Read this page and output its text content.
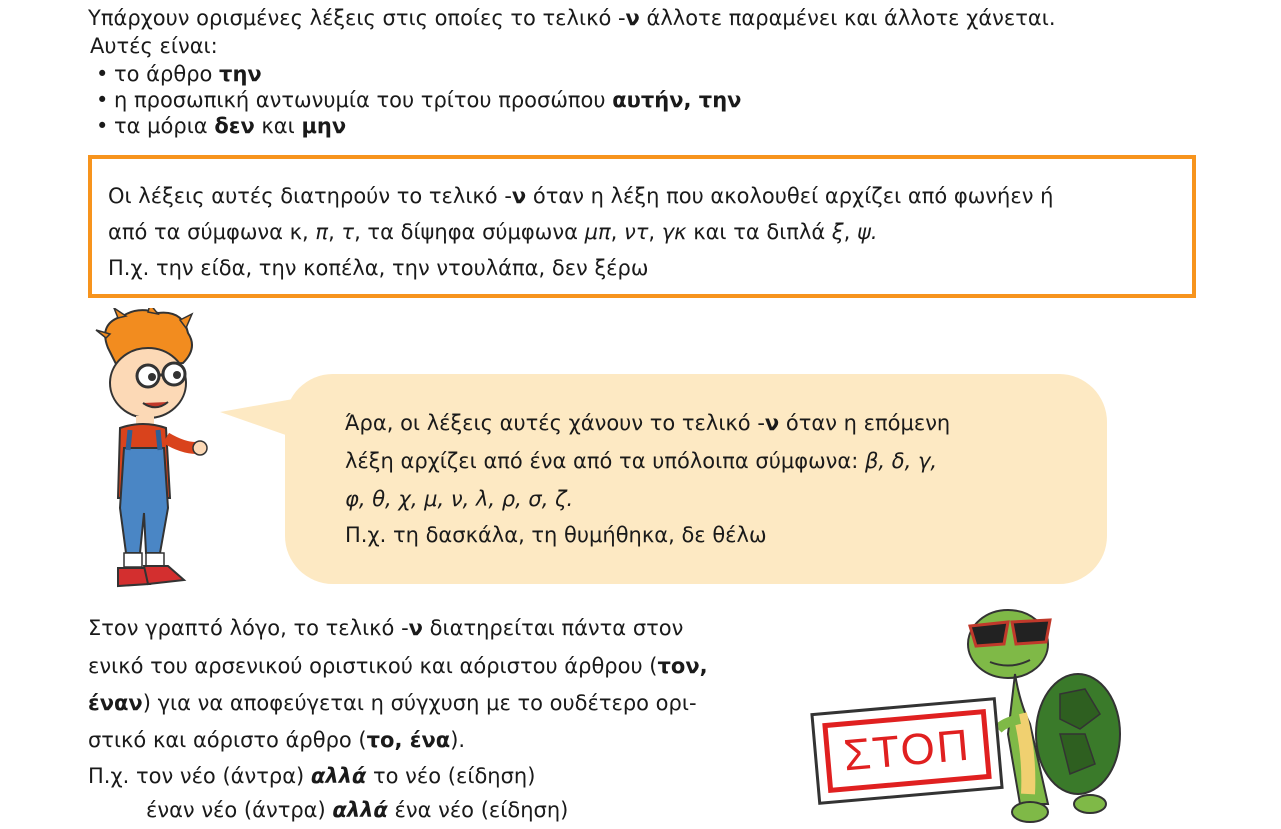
Υπάρχουν ορισμένες λέξεις στις οποίες το τελικό -ν άλλοτε παραμένει και άλλοτε χάνεται.
Αυτές είναι:
• το άρθρο την
• η προσωπική αντωνυμία του τρίτου προσώπου αυτήν, την
• τα μόρια δεν και μην
Οι λέξεις αυτές διατηρούν το τελικό -ν όταν η λέξη που ακολουθεί αρχίζει από φωνήεν ή
από τα σύμφωνα κ, π, τ, τα δίψηφα σύμφωνα μπ, ντ, γκ και τα διπλά ξ, ψ.
Π.χ. την είδα, την κοπέλα, την ντουλάπα, δεν ξέρω
Άρα, οι λέξεις αυτές χάνουν το τελικό -ν όταν η επόμενη
λέξη αρχίζει από ένα από τα υπόλοιπα σύμφωνα: β, δ, γ,
φ, θ, χ, μ, ν, λ, ρ, σ, ζ.
Π.χ. τη δασκάλα, τη θυμήθηκα, δε θέλω
Στον γραπτό λόγο, το τελικό -ν διατηρείται πάντα στον
ενικό του αρσενικού οριστικού και αόριστου άρθρου (τον,
έναν) για να αποφεύγεται η σύγχυση με το ουδέτερο ορι-
στικό και αόριστο άρθρο (το, ένα).
Π.χ. τον νέο (άντρα) αλλά το νέο (είδηση)
έναν νέο (άντρα) αλλά ένα νέο (είδηση)
ΣΤΟΠ
